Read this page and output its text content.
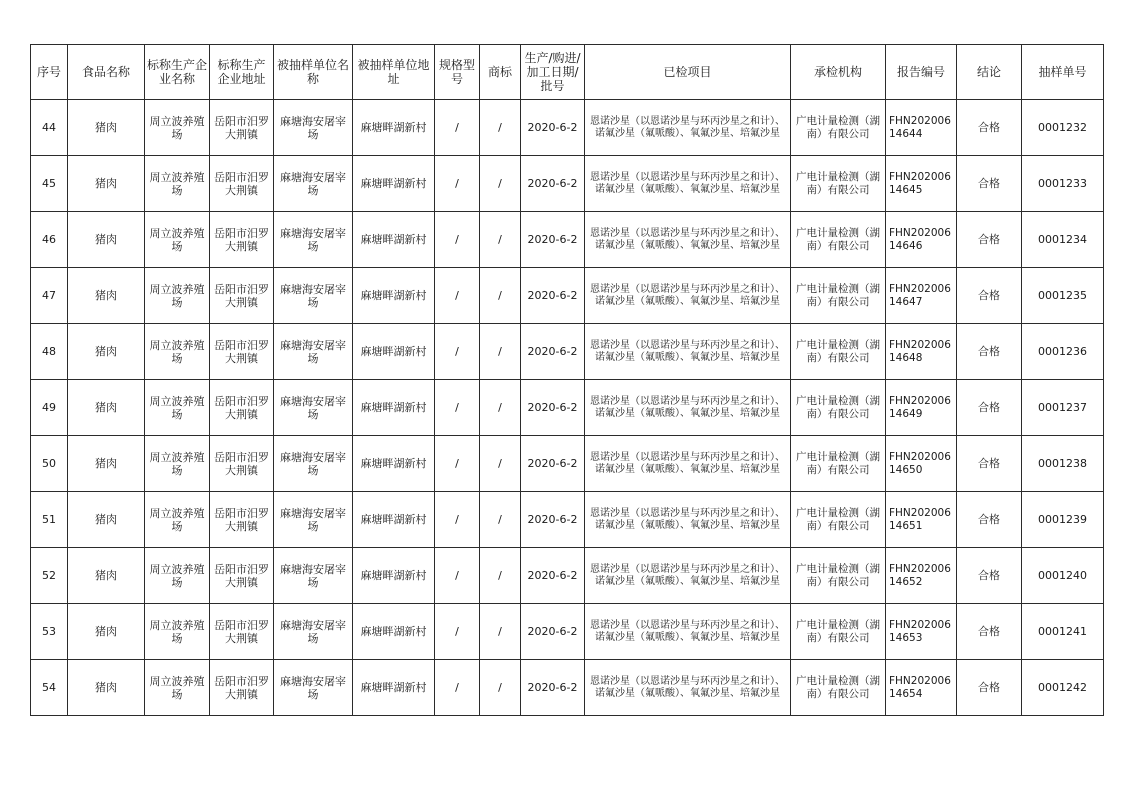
序号	食品名称	标称生产企业名称	标称生产企业地址	被抽样单位名称	被抽样单位地址	规格型号	商标	生产/购进/加工日期/批号	已检项目	承检机构	报告编号	结论	抽样单号
44	猪肉	周立波养殖场	岳阳市汨罗大荆镇	麻塘海安屠宰场	麻塘畔湖新村	/	/	2020-6-2	恩诺沙星（以恩诺沙星与环丙沙星之和计）、诺氟沙星（氟哌酸）、氧氟沙星、培氟沙星	广电计量检测（湖南）有限公司	FHN20200614644	合格	0001232
45	猪肉	周立波养殖场	岳阳市汨罗大荆镇	麻塘海安屠宰场	麻塘畔湖新村	/	/	2020-6-2	恩诺沙星（以恩诺沙星与环丙沙星之和计）、诺氟沙星（氟哌酸）、氧氟沙星、培氟沙星	广电计量检测（湖南）有限公司	FHN20200614645	合格	0001233
46	猪肉	周立波养殖场	岳阳市汨罗大荆镇	麻塘海安屠宰场	麻塘畔湖新村	/	/	2020-6-2	恩诺沙星（以恩诺沙星与环丙沙星之和计）、诺氟沙星（氟哌酸）、氧氟沙星、培氟沙星	广电计量检测（湖南）有限公司	FHN20200614646	合格	0001234
47	猪肉	周立波养殖场	岳阳市汨罗大荆镇	麻塘海安屠宰场	麻塘畔湖新村	/	/	2020-6-2	恩诺沙星（以恩诺沙星与环丙沙星之和计）、诺氟沙星（氟哌酸）、氧氟沙星、培氟沙星	广电计量检测（湖南）有限公司	FHN20200614647	合格	0001235
48	猪肉	周立波养殖场	岳阳市汨罗大荆镇	麻塘海安屠宰场	麻塘畔湖新村	/	/	2020-6-2	恩诺沙星（以恩诺沙星与环丙沙星之和计）、诺氟沙星（氟哌酸）、氧氟沙星、培氟沙星	广电计量检测（湖南）有限公司	FHN20200614648	合格	0001236
49	猪肉	周立波养殖场	岳阳市汨罗大荆镇	麻塘海安屠宰场	麻塘畔湖新村	/	/	2020-6-2	恩诺沙星（以恩诺沙星与环丙沙星之和计）、诺氟沙星（氟哌酸）、氧氟沙星、培氟沙星	广电计量检测（湖南）有限公司	FHN20200614649	合格	0001237
50	猪肉	周立波养殖场	岳阳市汨罗大荆镇	麻塘海安屠宰场	麻塘畔湖新村	/	/	2020-6-2	恩诺沙星（以恩诺沙星与环丙沙星之和计）、诺氟沙星（氟哌酸）、氧氟沙星、培氟沙星	广电计量检测（湖南）有限公司	FHN20200614650	合格	0001238
51	猪肉	周立波养殖场	岳阳市汨罗大荆镇	麻塘海安屠宰场	麻塘畔湖新村	/	/	2020-6-2	恩诺沙星（以恩诺沙星与环丙沙星之和计）、诺氟沙星（氟哌酸）、氧氟沙星、培氟沙星	广电计量检测（湖南）有限公司	FHN20200614651	合格	0001239
52	猪肉	周立波养殖场	岳阳市汨罗大荆镇	麻塘海安屠宰场	麻塘畔湖新村	/	/	2020-6-2	恩诺沙星（以恩诺沙星与环丙沙星之和计）、诺氟沙星（氟哌酸）、氧氟沙星、培氟沙星	广电计量检测（湖南）有限公司	FHN20200614652	合格	0001240
53	猪肉	周立波养殖场	岳阳市汨罗大荆镇	麻塘海安屠宰场	麻塘畔湖新村	/	/	2020-6-2	恩诺沙星（以恩诺沙星与环丙沙星之和计）、诺氟沙星（氟哌酸）、氧氟沙星、培氟沙星	广电计量检测（湖南）有限公司	FHN20200614653	合格	0001241
54	猪肉	周立波养殖场	岳阳市汨罗大荆镇	麻塘海安屠宰场	麻塘畔湖新村	/	/	2020-6-2	恩诺沙星（以恩诺沙星与环丙沙星之和计）、诺氟沙星（氟哌酸）、氧氟沙星、培氟沙星	广电计量检测（湖南）有限公司	FHN20200614654	合格	0001242
